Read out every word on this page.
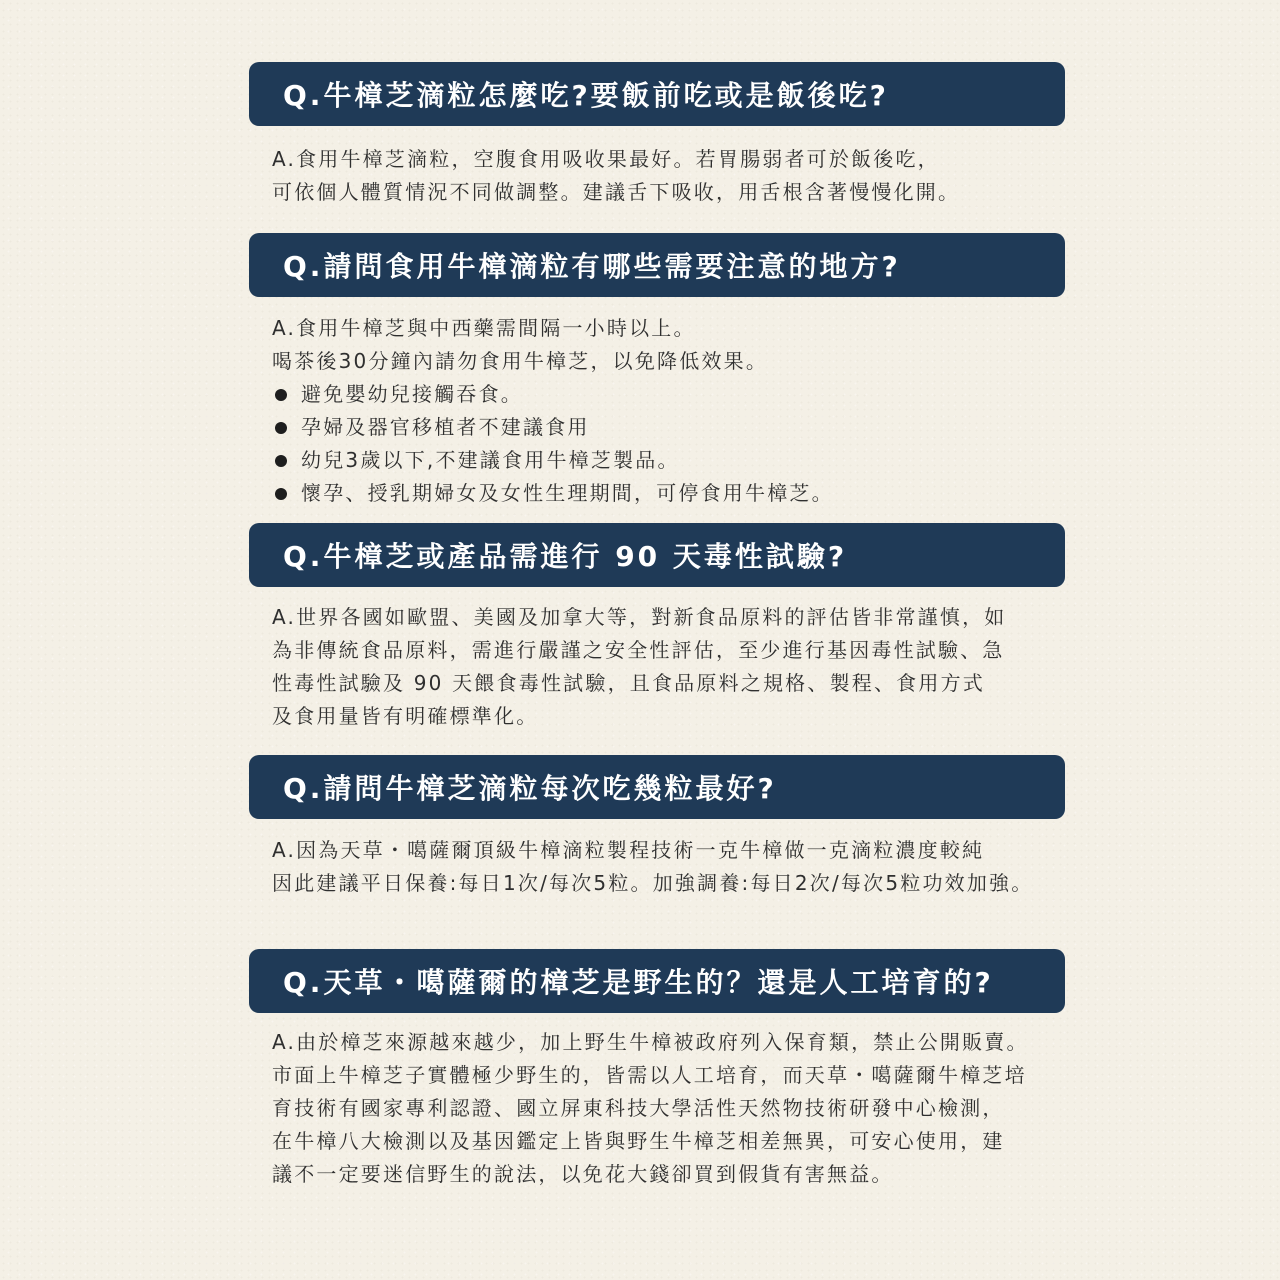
Q.牛樟芝滴粒怎麼吃?要飯前吃或是飯後吃?
A.食用牛樟芝滴粒，空腹食用吸收果最好。若胃腸弱者可於飯後吃，
可依個人體質情況不同做調整。建議舌下吸收，用舌根含著慢慢化開。
Q.請問食用牛樟滴粒有哪些需要注意的地方?
A.食用牛樟芝與中西藥需間隔一小時以上。
喝茶後30分鐘內請勿食用牛樟芝，以免降低效果。
避免嬰幼兒接觸吞食。
孕婦及器官移植者不建議食用
幼兒3歲以下,不建議食用牛樟芝製品。
懷孕、授乳期婦女及女性生理期間，可停食用牛樟芝。
Q.牛樟芝或產品需進行 90 天毒性試驗?
A.世界各國如歐盟、美國及加拿大等，對新食品原料的評估皆非常謹慎，如
為非傳統食品原料，需進行嚴謹之安全性評估，至少進行基因毒性試驗、急
性毒性試驗及 90 天餵食毒性試驗，且食品原料之規格、製程、食用方式
及食用量皆有明確標準化。
Q.請問牛樟芝滴粒每次吃幾粒最好?
A.因為天草・噶薩爾頂級牛樟滴粒製程技術一克牛樟做一克滴粒濃度較純
因此建議平日保養:每日1次/每次5粒。加強調養:每日2次/每次5粒功效加強。
Q.天草・噶薩爾的樟芝是野生的？還是人工培育的?
A.由於樟芝來源越來越少，加上野生牛樟被政府列入保育類，禁止公開販賣。
市面上牛樟芝子實體極少野生的，皆需以人工培育，而天草・噶薩爾牛樟芝培
育技術有國家專利認證、國立屏東科技大學活性天然物技術研發中心檢測，
在牛樟八大檢測以及基因鑑定上皆與野生牛樟芝相差無異，可安心使用，建
議不一定要迷信野生的說法，以免花大錢卻買到假貨有害無益。
